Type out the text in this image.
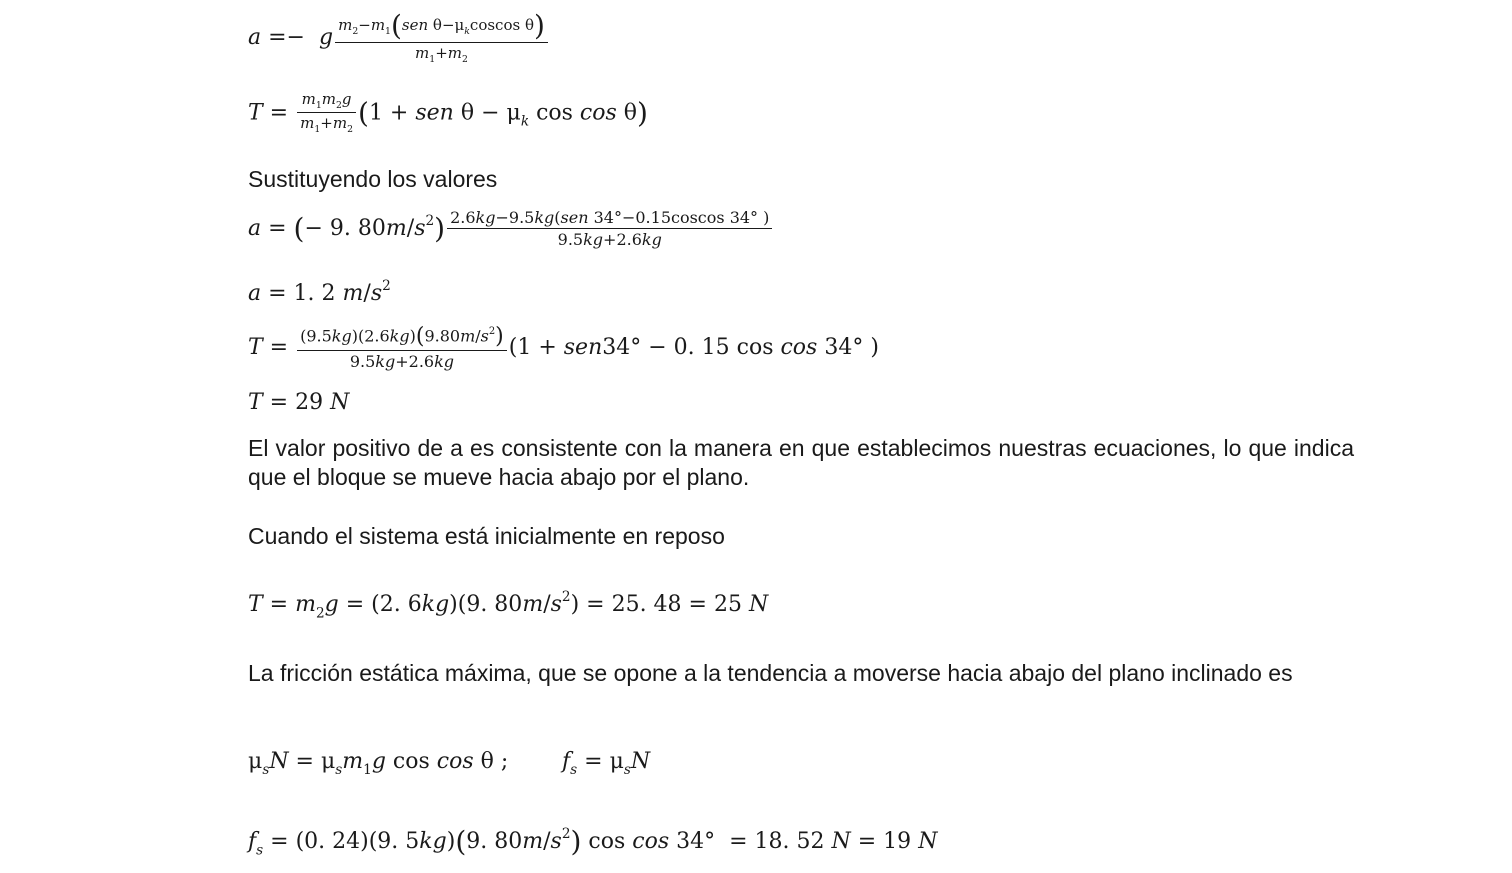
a =−  g $\frac{m_2-m_1(sen \theta-\mu_kcoscos \theta)}{m_1+m_2}$
$T = \frac{m_1m_2g}{m_1+m_2} (1$ + sen $\theta - \mu_k$ cos cos θ)
Sustituyendo los valores
a = (− 9. $80m/s^2) \frac{\text{2.6kg−9.5kg(sen 34°−0.15coscos 34° )}}{9.5kg+2.6kg}$
a = 1. 2 $m/s^2$
$T = \frac{(9.5kg)(2.6kg)(9.80m/s^2)}{9.5kg+2.6kg} (1 + sen34^\circ - 0$. 15 cos cos 34° )
T = 29 N
El valor positivo de a es consistente con la manera en que establecimos nuestras ecuaciones, lo que indica que el bloque se mueve hacia abajo por el plano.
Cuando el sistema está inicialmente en reposo
$T = m_2g = (2$. 6kg)(9. $80m/s^2) = 25$. 48 = 25 N
La fricción estática máxima, que se opone a la tendencia a moverse hacia abajo del plano inclinado es
$\mu_sN = \mu_sm_1g$ cos cos θ ; $f_s = \mu_sN$
$f_s = (0$. 24)(9. 5kg)(9. $80m/s^2$) cos cos 34°  = 18. 52 N = 19 N
